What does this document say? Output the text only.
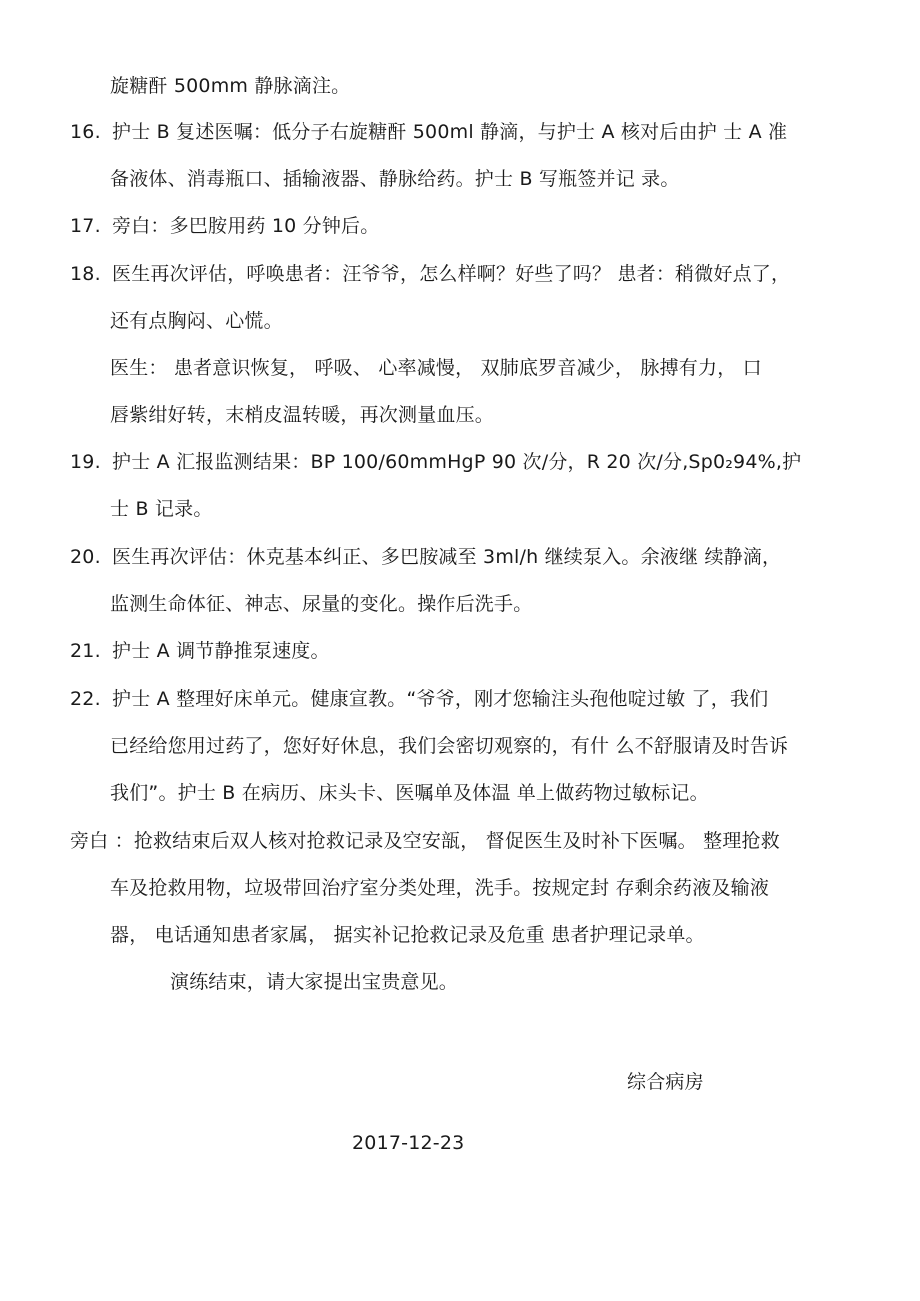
旋糖酐 500mm 静脉滴注。
16. 护士 B 复述医嘱：低分子右旋糖酐 500ml 静滴，与护士 A 核对后由护 士 A 准
备液体、消毒瓶口、插输液器、静脉给药。护士 B 写瓶签并记 录。
17. 旁白：多巴胺用药 10 分钟后。
18. 医生再次评估，呼唤患者：汪爷爷，怎么样啊？好些了吗？ 患者：稍微好点了，
还有点胸闷、心慌。
医生： 患者意识恢复， 呼吸、 心率减慢， 双肺底罗音减少， 脉搏有力， 口
唇紫绀好转，末梢皮温转暖，再次测量血压。
19. 护士 A 汇报监测结果：BP 100/60mmHgP 90 次/分，R 20 次/分,Sp0₂94%,护
士 B 记录。
20. 医生再次评估：休克基本纠正、多巴胺减至 3ml/h 继续泵入。余液继 续静滴，
监测生命体征、神志、尿量的变化。操作后洗手。
21. 护士 A 调节静推泵速度。
22. 护士 A 整理好床单元。健康宣教。“爷爷，刚才您输注头孢他啶过敏 了，我们
已经给您用过药了，您好好休息，我们会密切观察的，有什 么不舒服请及时告诉
我们”。护士 B 在病历、床头卡、医嘱单及体温 单上做药物过敏标记。
旁白 ：抢救结束后双人核对抢救记录及空安瓿， 督促医生及时补下医嘱。 整理抢救
车及抢救用物，垃圾带回治疗室分类处理，洗手。按规定封 存剩余药液及输液
器， 电话通知患者家属， 据实补记抢救记录及危重 患者护理记录单。
演练结束，请大家提出宝贵意见。
综合病房
2017-12-23
